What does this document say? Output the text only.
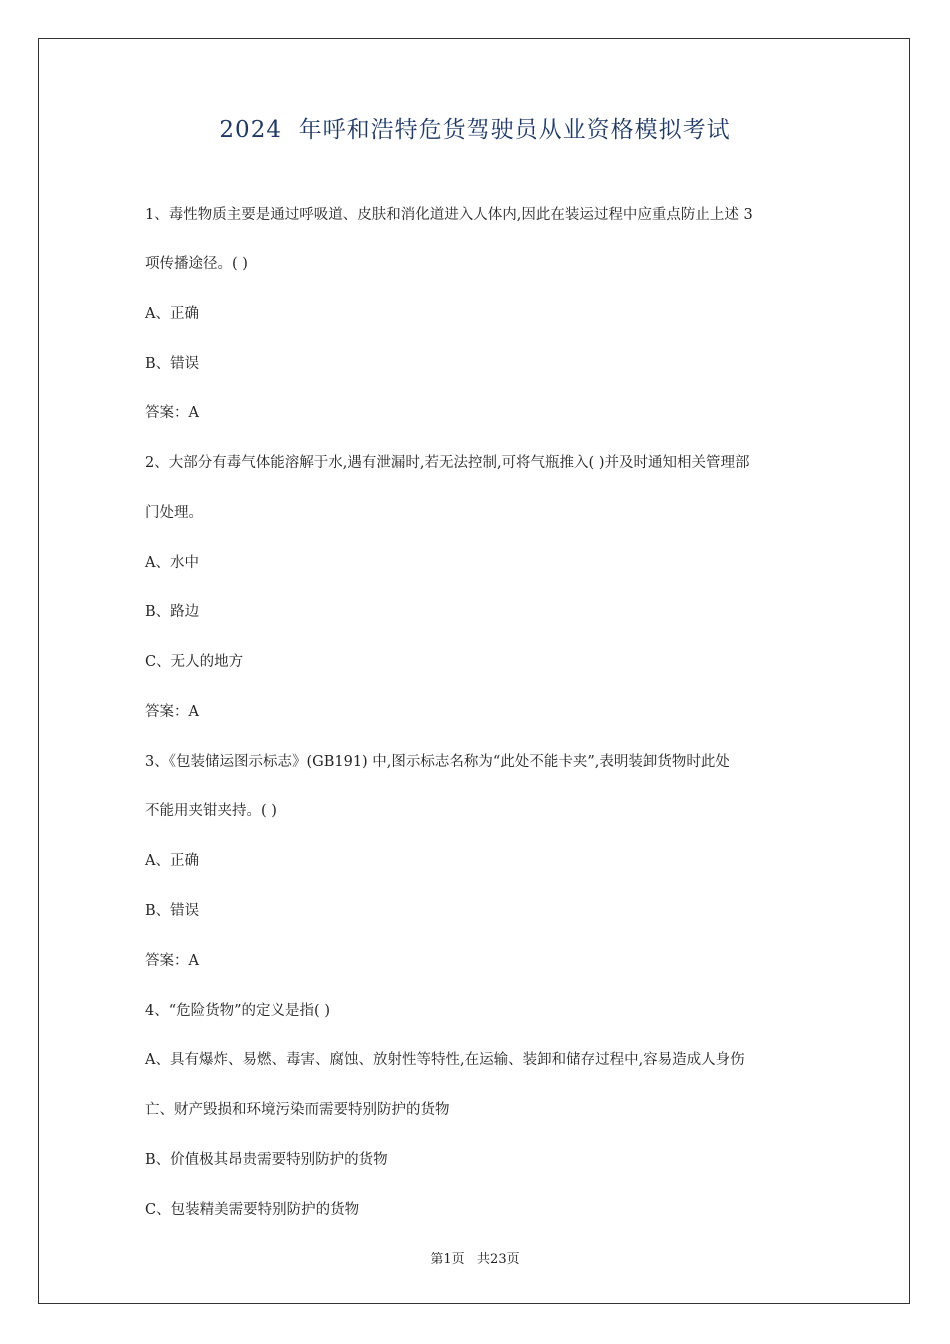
2024  年呼和浩特危货驾驶员从业资格模拟考试
1、毒性物质主要是通过呼吸道、皮肤和消化道进入人体内,因此在装运过程中应重点防止上述 3
项传播途径。( )
A、正确
B、错误
答案：A
2、大部分有毒气体能溶解于水,遇有泄漏时,若无法控制,可将气瓶推入( )并及时通知相关管理部
门处理。
A、水中
B、路边
C、无人的地方
答案：A
3、《包装储运图示标志》(GB191) 中,图示标志名称为“此处不能卡夹”,表明装卸货物时此处
不能用夹钳夹持。( )
A、正确
B、错误
答案：A
4、“危险货物”的定义是指( )
A、具有爆炸、易燃、毒害、腐蚀、放射性等特性,在运输、装卸和储存过程中,容易造成人身伤
亡、财产毁损和环境污染而需要特别防护的货物
B、价值极其昂贵需要特别防护的货物
C、包装精美需要特别防护的货物
第1页   共23页
